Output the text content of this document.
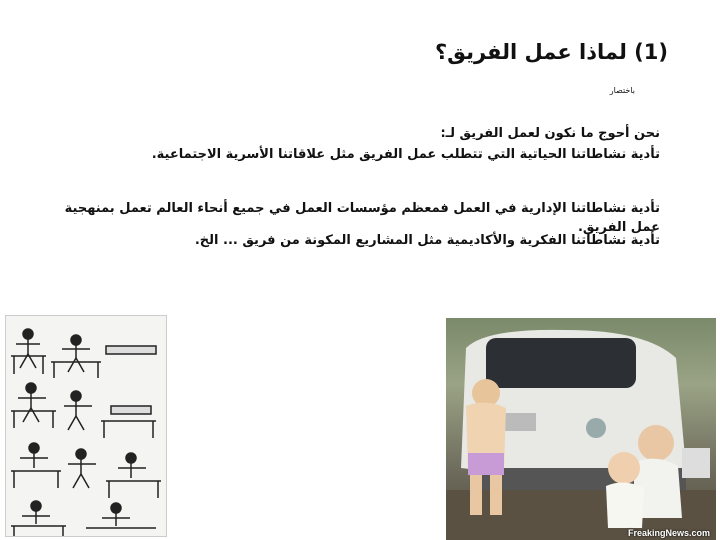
(1) لماذا عمل الفريق؟
باختصار
نحن أحوج ما نكون لعمل الفريق لـ:
تأدية نشاطاتنا الحياتية التي تتطلب عمل الفريق مثل علاقاتنا الأسرية الاجتماعية.
تأدية نشاطاتنا الإدارية في العمل فمعظم مؤسسات العمل في جميع أنحاء العالم تعمل بمنهجية عمل الفريق.
تأدية نشاطاتنا الفكرية والأكاديمية مثل المشاريع المكونة من فريق ... الخ.
FreakingNews.com
